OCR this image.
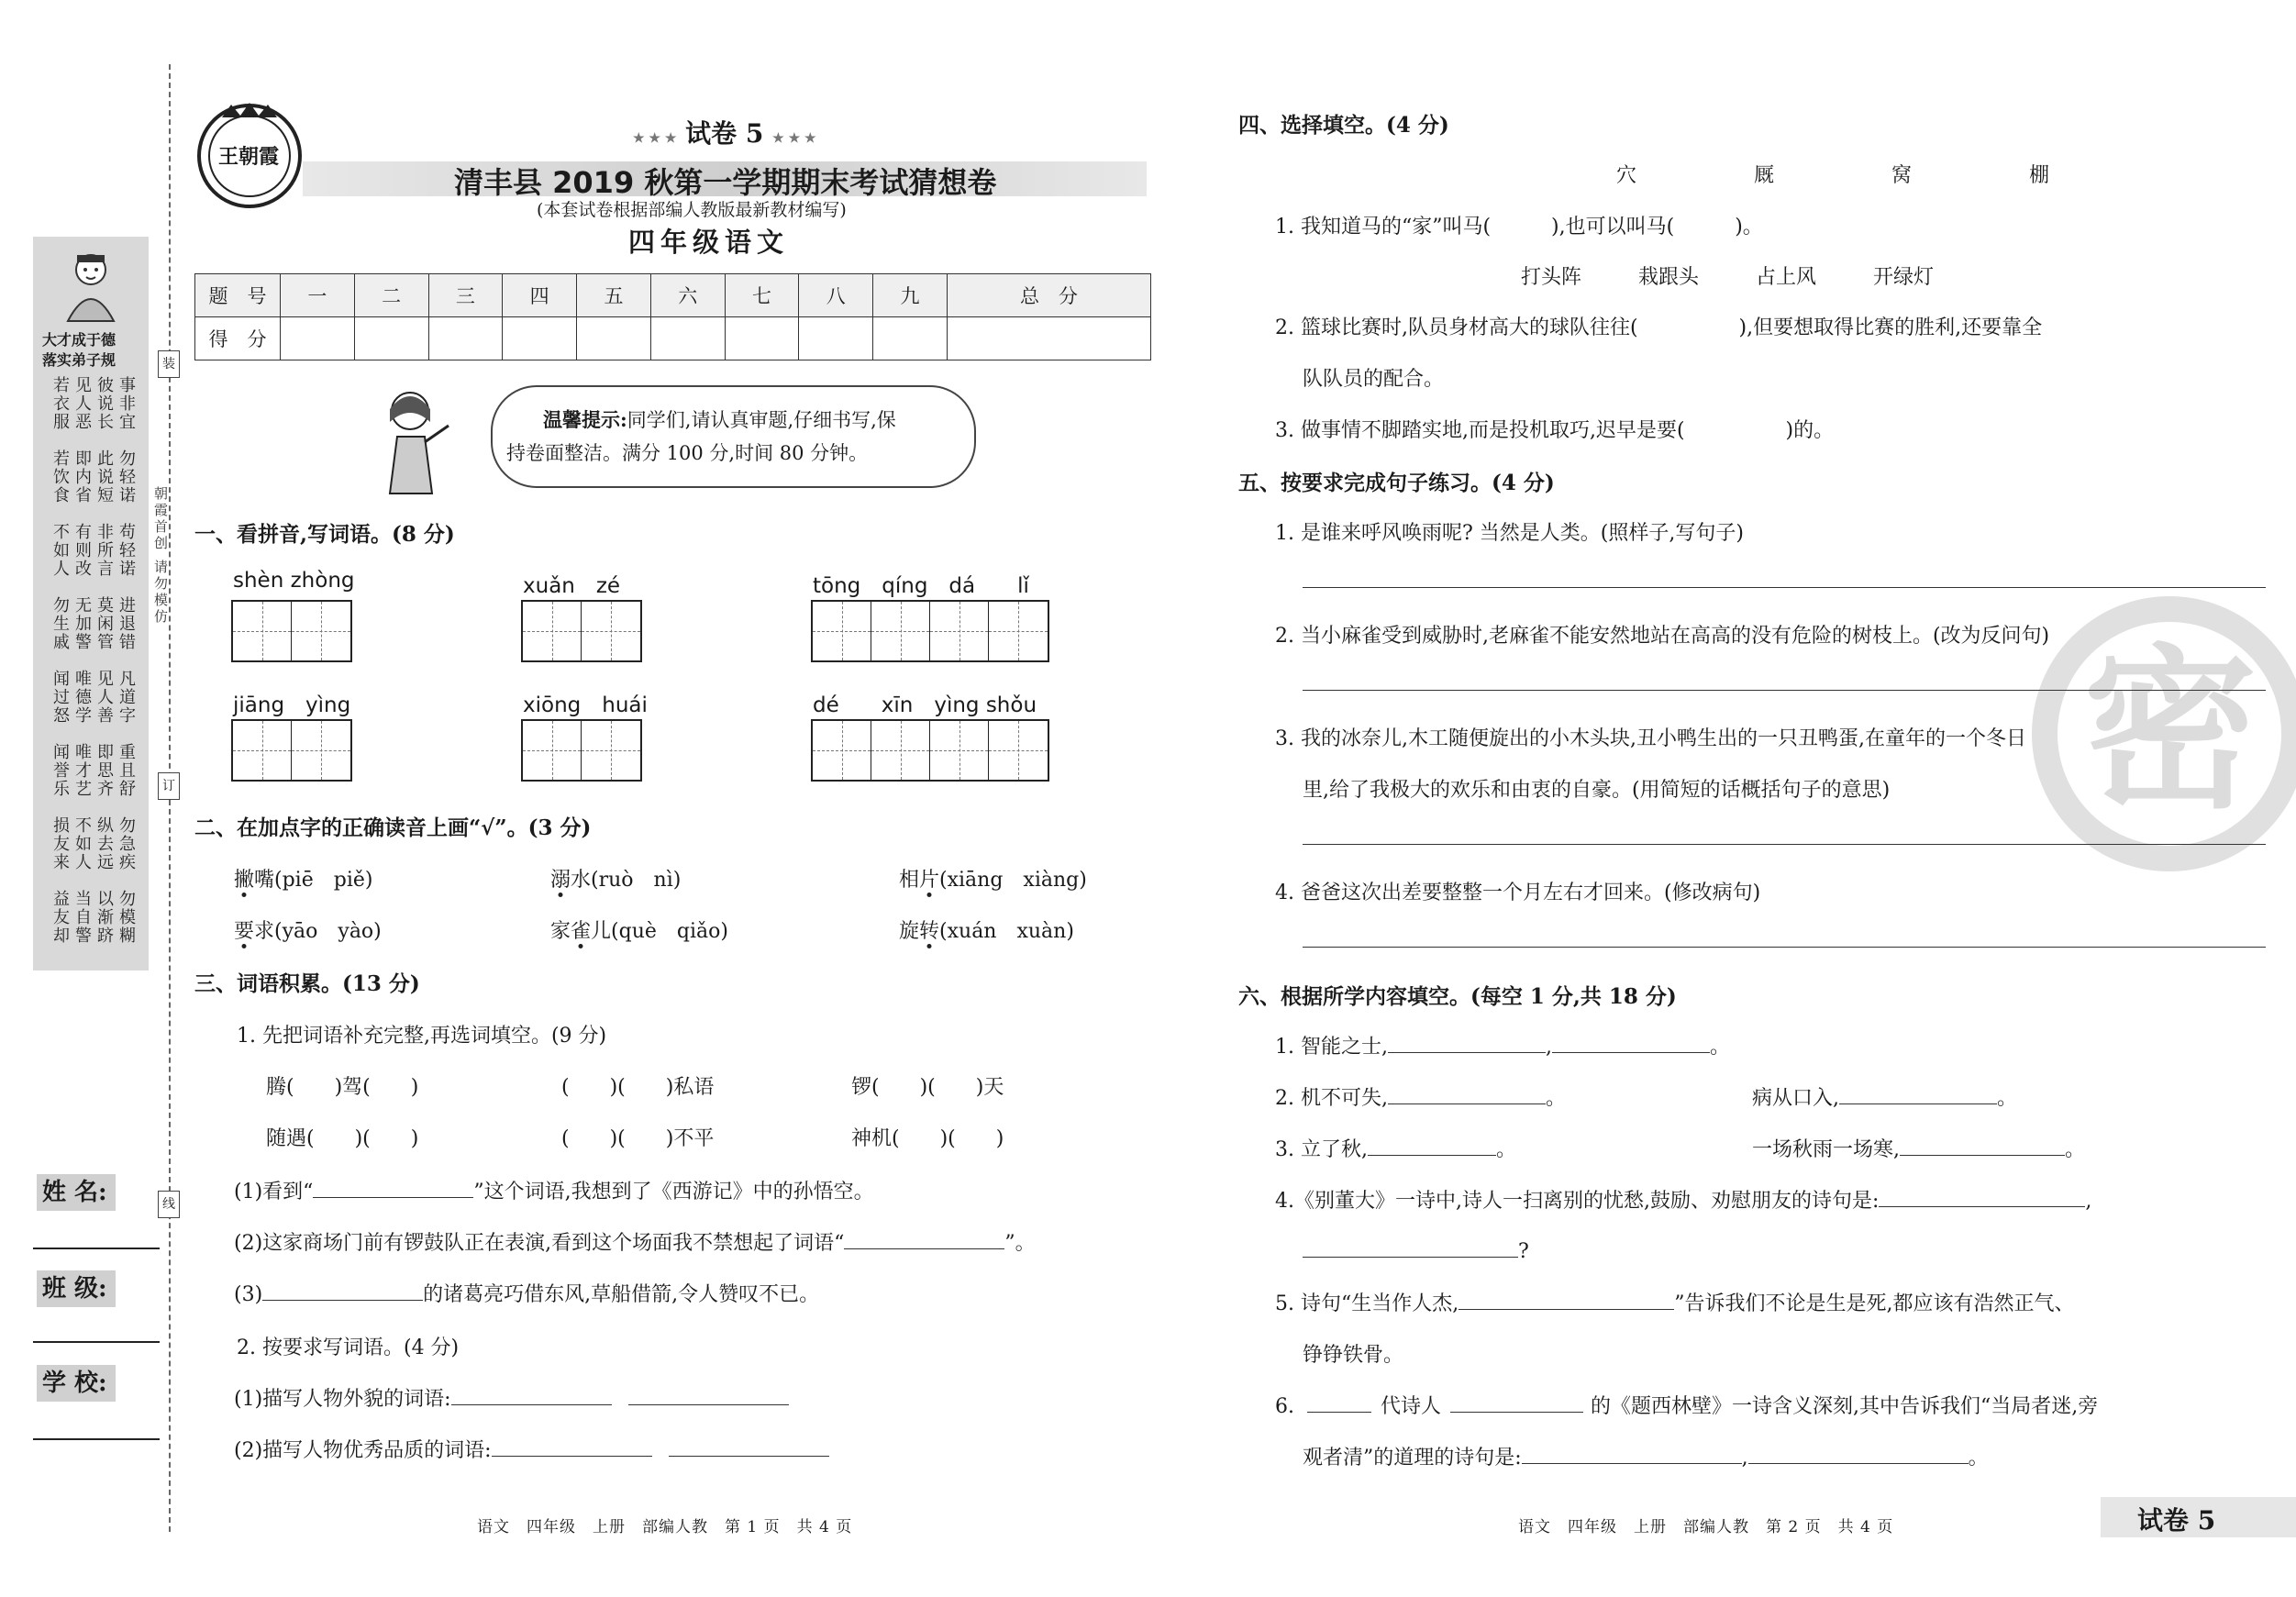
大才成于德
落实弟子规
事非宜
彼说长
见人恶
若衣服
勿轻诺
此说短
即内省
若饮食
苟轻诺
非所言
有则改
不如人
进退错
莫闲管
无加警
勿生戚
凡道字
见人善
唯德学
闻过怒
重且舒
即思齐
唯才艺
闻誉乐
勿急疾
纵去远
不如人
损友来
勿模糊
以渐跻
当自警
益友却
朝霞首创 请勿模仿
装
订
线
姓 名:
班 级:
学 校:
王朝霞
★ ★ ★ 试卷 5 ★ ★ ★
清丰县 2019 秋第一学期期末考试猜想卷
(本套试卷根据部编人教版最新教材编写)
四年级语文
题　号	一	二	三	四	五	六	七	八	九	总　分
得　分										
温馨提示:同学们,请认真审题,仔细书写,保
持卷面整洁。满分 100 分,时间 80 分钟。
一、看拼音,写词语。(8 分)
shèn zhòng	xuǎn　zé	tōng　qíng　dá　　lǐ
jiāng　yìng	xiōng　huái	dé　　xīn　yìng shǒu
二、在加点字的正确读音上画“√”。(3 分)
撇嘴(piē　piě)	溺水(ruò　nì)	相片(xiāng　xiàng)
要求(yāo　yào)	家雀儿(què　qiǎo)	旋转(xuán　xuàn)
三、词语积累。(13 分)
1. 先把词语补充完整,再选词填空。(9 分)
腾(　　)驾(　　)	(　　)(　　)私语	锣(　　)(　　)天
随遇(　　)(　　)	(　　)(　　)不平	神机(　　)(　　)
(1)看到“	”这个词语,我想到了《西游记》中的孙悟空。
(2)这家商场门前有锣鼓队正在表演,看到这个场面我不禁想起了词语“	”。
(3)	的诸葛亮巧借东风,草船借箭,令人赞叹不已。
2. 按要求写词语。(4 分)
(1)描写人物外貌的词语:
(2)描写人物优秀品质的词语:
语文　四年级　上册　部编人教　第 1 页　共 4 页
密
四、选择填空。(4 分)
穴	厩	窝	棚
1. 我知道马的“家”叫马(　　　),也可以叫马(　　　)。
打头阵	栽跟头	占上风	开绿灯
2. 篮球比赛时,队员身材高大的球队往往(　　　　　),但要想取得比赛的胜利,还要靠全
队队员的配合。
3. 做事情不脚踏实地,而是投机取巧,迟早是要(　　　　　)的。
五、按要求完成句子练习。(4 分)
1. 是谁来呼风唤雨呢? 当然是人类。(照样子,写句子)
2. 当小麻雀受到威胁时,老麻雀不能安然地站在高高的没有危险的树枝上。(改为反问句)
3. 我的冰奈儿,木工随便旋出的小木头块,丑小鸭生出的一只丑鸭蛋,在童年的一个冬日
里,给了我极大的欢乐和由衷的自豪。(用简短的话概括句子的意思)
4. 爸爸这次出差要整整一个月左右才回来。(修改病句)
六、根据所学内容填空。(每空 1 分,共 18 分)
1. 智能之士,	,	。
2. 机不可失,	。	病从口入,	。
3. 立了秋,	。	一场秋雨一场寒,	。
4.《别董大》一诗中,诗人一扫离别的忧愁,鼓励、劝慰朋友的诗句是:	,
?
5. 诗句“生当作人杰,	”告诉我们不论是生是死,都应该有浩然正气、
铮铮铁骨。
6.	代诗人	的《题西林壁》一诗含义深刻,其中告诉我们“当局者迷,旁
观者清”的道理的诗句是:	,	。
语文　四年级　上册　部编人教　第 2 页　共 4 页	试卷 5
